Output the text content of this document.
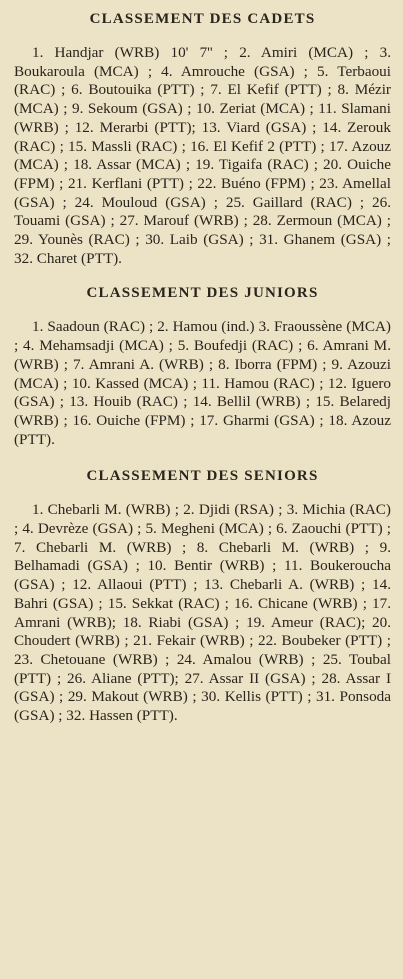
CLASSEMENT DES CADETS

1. Handjar (WRB) 10' 7'' ; 2. Amiri (MCA) ; 3. Boukaroula (MCA) ; 4. Amrouche (GSA) ; 5. Terbaoui (RAC) ; 6. Boutouika (PTT) ; 7. El Kefif (PTT) ; 8. Mézir (MCA) ; 9. Sekoum (GSA) ; 10. Zeriat (MCA) ; 11. Slamani (WRB) ; 12. Merarbi (PTT); 13. Viard (GSA) ; 14. Zerouk (RAC) ; 15. Massli (RAC) ; 16. El Kefif 2 (PTT) ; 17. Azouz (MCA) ; 18. Assar (MCA) ; 19. Tigaifa (RAC) ; 20. Ouiche (FPM) ; 21. Kerflani (PTT) ; 22. Buéno (FPM) ; 23. Amellal (GSA) ; 24. Mouloud (GSA) ; 25. Gaillard (RAC) ; 26. Touami (GSA) ; 27. Marouf (WRB) ; 28. Zermoun (MCA) ; 29. Younès (RAC) ; 30. Laib (GSA) ; 31. Ghanem (GSA) ; 32. Charet (PTT).

CLASSEMENT DES JUNIORS

1. Saadoun (RAC) ; 2. Hamou (ind.) 3. Fraoussène (MCA) ; 4. Mehamsadji (MCA) ; 5. Boufedji (RAC) ; 6. Amrani M. (WRB) ; 7. Amrani A. (WRB) ; 8. Iborra (FPM) ; 9. Azouzi (MCA) ; 10. Kassed (MCA) ; 11. Hamou (RAC) ; 12. Iguero (GSA) ; 13. Houib (RAC) ; 14. Bellil (WRB) ; 15. Belaredj (WRB) ; 16. Ouiche (FPM) ; 17. Gharmi (GSA) ; 18. Azouz (PTT).

CLASSEMENT DES SENIORS

1. Chebarli M. (WRB) ; 2. Djidi (RSA) ; 3. Michia (RAC) ; 4. Devrèze (GSA) ; 5. Megheni (MCA) ; 6. Zaouchi (PTT) ; 7. Chebarli M. (WRB) ; 8. Chebarli M. (WRB) ; 9. Belhamadi (GSA) ; 10. Bentir (WRB) ; 11. Boukeroucha (GSA) ; 12. Allaoui (PTT) ; 13. Chebarli A. (WRB) ; 14. Bahri (GSA) ; 15. Sekkat (RAC) ; 16. Chicane (WRB) ; 17. Amrani (WRB); 18. Riabi (GSA) ; 19. Ameur (RAC); 20. Choudert (WRB) ; 21. Fekair (WRB) ; 22. Boubeker (PTT) ; 23. Chetouane (WRB) ; 24. Amalou (WRB) ; 25. Toubal (PTT) ; 26. Aliane (PTT); 27. Assar II (GSA) ; 28. Assar I (GSA) ; 29. Makout (WRB) ; 30. Kellis (PTT) ; 31. Ponsoda (GSA) ; 32. Hassen (PTT).
